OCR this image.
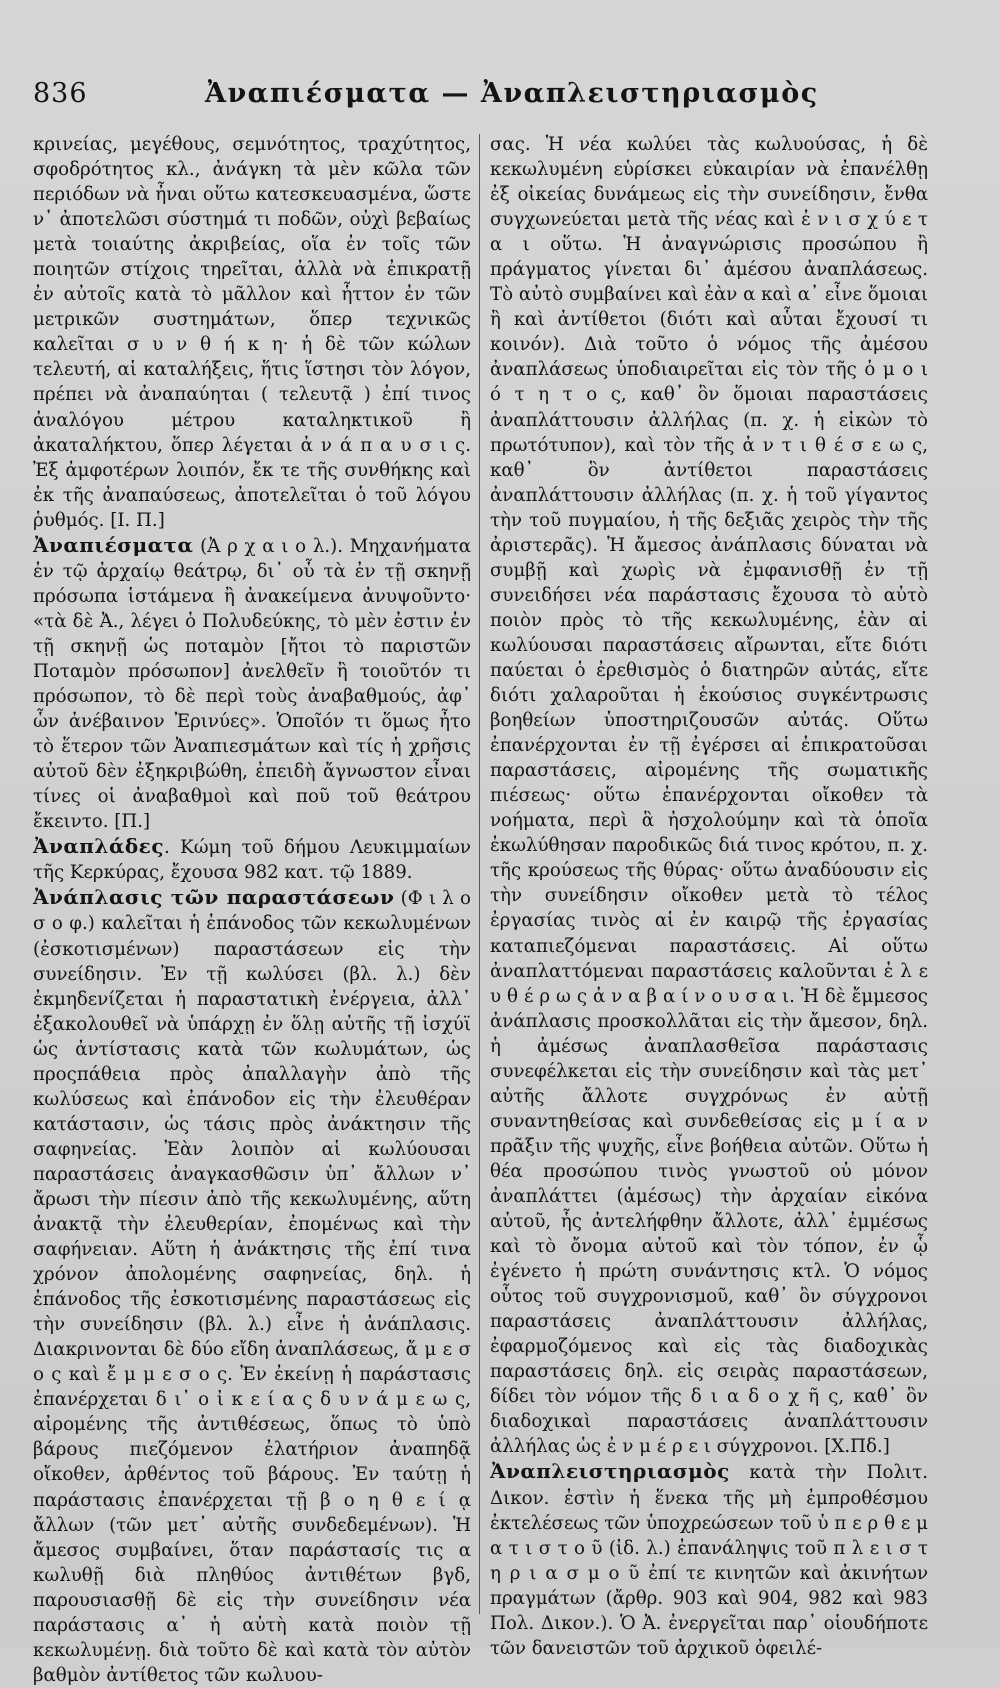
836	Ἀναπιέσματα — Ἀναπλειστηριασμὸς

κρινείας, μεγέθους, σεμνότητος, τραχύτητος, σφοδρότητος κλ., ἀνάγκη τὰ μὲν κῶλα τῶν περιόδων νὰ ἦναι οὕτω κατεσκευασμένα, ὥστε ν᾽ ἀποτελῶσι σύστημά τι ποδῶν, οὐχὶ βεβαίως μετὰ τοιαύτης ἀκριβείας, οἵα ἐν τοῖς τῶν ποιητῶν στίχοις τηρεῖται, ἀλλὰ νὰ ἐπικρατῇ ἐν αὐτοῖς κατὰ τὸ μᾶλλον καὶ ἧττον ἐν τῶν μετρικῶν συστημάτων, ὅπερ τεχνικῶς καλεῖται σ υ ν θ ή κ η· ἡ δὲ τῶν κώλων τελευτή, αἱ καταλήξεις, ἥτις ἵστησι τὸν λόγον, πρέπει νὰ ἀναπαύηται ( τελευτᾷ ) ἐπί τινος ἀναλόγου μέτρου καταληκτικοῦ ἢ ἀκαταλήκτου, ὅπερ λέγεται ἀ ν ά π α υ σ ι ς. Ἐξ ἀμφοτέρων λοιπόν, ἔκ τε τῆς συνθήκης καὶ ἐκ τῆς ἀναπαύσεως, ἀποτελεῖται ὁ τοῦ λόγου ῥυθμός. [Ι. Π.]

Ἀναπιέσματα (Ἀ ρ χ α ι ο λ.). Μηχανήματα ἐν τῷ ἀρχαίῳ θεάτρῳ, δι᾽ οὗ τὰ ἐν τῇ σκηνῇ πρόσωπα ἱστάμενα ἢ ἀνακείμενα ἀνυψοῦντο· «τὰ δὲ Ἀ., λέγει ὁ Πολυδεύκης, τὸ μὲν ἐστιν ἐν τῇ σκηνῇ ὡς ποταμὸν [ἤτοι τὸ παριστῶν Ποταμὸν πρόσωπον] ἀνελθεῖν ἢ τοιοῦτόν τι πρόσωπον, τὸ δὲ περὶ τοὺς ἀναβαθμούς, ἀφ᾽ ὧν ἀνέβαινον Ἐρινύες». Ὁποῖόν τι ὅμως ἦτο τὸ ἕτερον τῶν Ἀναπιεσμάτων καὶ τίς ἡ χρῆσις αὐτοῦ δὲν ἐξηκριβώθη, ἐπειδὴ ἄγνωστον εἶναι τίνες οἱ ἀναβαθμοὶ καὶ ποῦ τοῦ θεάτρου ἔκειντο. [Π.]

Ἀναπλάδες. Κώμη τοῦ δήμου Λευκιμμαίων τῆς Κερκύρας, ἔχουσα 982 κατ. τῷ 1889.

Ἀνάπλασις τῶν παραστάσεων (Φ ι λ ο σ ο φ.) καλεῖται ἡ ἐπάνοδος τῶν κεκωλυμένων (ἐσκοτισμένων) παραστάσεων εἰς τὴν συνείδησιν. Ἐν τῇ κωλύσει (βλ. λ.) δὲν ἐκμηδενίζεται ἡ παραστατικὴ ἐνέργεια, ἀλλ᾽ ἐξακολουθεῖ νὰ ὑπάρχῃ ἐν ὅλῃ αὐτῆς τῇ ἰσχύϊ ὡς ἀντίστασις κατὰ τῶν κωλυμάτων, ὡς προςπάθεια πρὸς ἀπαλλαγὴν ἀπὸ τῆς κωλύσεως καὶ ἐπάνοδον εἰς τὴν ἐλευθέραν κατάστασιν, ὡς τάσις πρὸς ἀνάκτησιν τῆς σαφηνείας. Ἐὰν λοιπὸν αἱ κωλύουσαι παραστάσεις ἀναγκασθῶσιν ὑπ᾽ ἄλλων ν᾽ ἄρωσι τὴν πίεσιν ἀπὸ τῆς κεκωλυμένης, αὕτη ἀνακτᾷ τὴν ἐλευθερίαν, ἐπομένως καὶ τὴν σαφήνειαν. Αὕτη ἡ ἀνάκτησις τῆς ἐπί τινα χρόνον ἀπολομένης σαφηνείας, δηλ. ἡ ἐπάνοδος τῆς ἐσκοτισμένης παραστάσεως εἰς τὴν συνείδησιν (βλ. λ.) εἶνε ἡ ἀνάπλασις. Διακρινονται δὲ δύο εἴδη ἀναπλάσεως, ἄ μ ε σ ο ς καὶ ἔ μ μ ε σ ο ς. Ἐν ἐκείνῃ ἡ παράστασις ἐπανέρχεται δ ι᾽ ο ἰ κ ε ί α ς δ υ ν ά μ ε ω ς, αἰρομένης τῆς ἀντιθέσεως, ὅπως τὸ ὑπὸ βάρους πιεζόμενον ἐλατήριον ἀναπηδᾷ οἴκοθεν, ἀρθέντος τοῦ βάρους. Ἐν ταύτῃ ἡ παράστασις ἐπανέρχεται τῇ β ο η θ ε ί ᾳ ἄλλων (τῶν μετ᾽ αὐτῆς συνδεδεμένων). Ἡ ἄμεσος συμβαίνει, ὅταν παράστασίς τις α κωλυθῇ διὰ πληθύος ἀντιθέτων βγδ, παρουσιασθῇ δὲ εἰς τὴν συνείδησιν νέα παράστασις α᾽ ἡ αὐτὴ κατὰ ποιὸν τῇ κεκωλυμένῃ. διὰ τοῦτο δὲ καὶ κατὰ τὸν αὐτὸν βαθμὸν ἀντίθετος τῶν κωλυου-

σας. Ἡ νέα κωλύει τὰς κωλυούσας, ἡ δὲ κεκωλυμένη εὑρίσκει εὐκαιρίαν νὰ ἐπανέλθῃ ἐξ οἰκείας δυνάμεως εἰς τὴν συνείδησιν, ἔνθα συγχωνεύεται μετὰ τῆς νέας καὶ ἐ ν ι σ χ ύ ε τ α ι οὕτω. Ἡ ἀναγνώρισις προσώπου ἢ πράγματος γίνεται δι᾽ ἀμέσου ἀναπλάσεως. Τὸ αὐτὸ συμβαίνει καὶ ἐὰν α καὶ α᾽ εἶνε ὅμοιαι ἢ καὶ ἀντίθετοι (διότι καὶ αὗται ἔχουσί τι κοινόν). Διὰ τοῦτο ὁ νόμος τῆς ἀμέσου ἀναπλάσεως ὑποδιαιρεῖται εἰς τὸν τῆς ὁ μ ο ι ό τ η τ ο ς, καθ᾽ ὃν ὅμοιαι παραστάσεις ἀναπλάττουσιν ἀλλήλας (π. χ. ἡ εἰκὼν τὸ πρωτότυπον), καὶ τὸν τῆς ἀ ν τ ι θ έ σ ε ω ς, καθ᾽ ὃν ἀντίθετοι παραστάσεις ἀναπλάττουσιν ἀλλήλας (π. χ. ἡ τοῦ γίγαντος τὴν τοῦ πυγμαίου, ἡ τῆς δεξιᾶς χειρὸς τὴν τῆς ἀριστερᾶς). Ἡ ἄμεσος ἀνάπλασις δύναται νὰ συμβῇ καὶ χωρὶς νὰ ἐμφανισθῇ ἐν τῇ συνειδήσει νέα παράστασις ἔχουσα τὸ αὐτὸ ποιὸν πρὸς τὸ τῆς κεκωλυμένης, ἐὰν αἱ κωλύουσαι παραστάσεις αἴρωνται, εἴτε διότι παύεται ὁ ἐρεθισμὸς ὁ διατηρῶν αὐτάς, εἴτε διότι χαλαροῦται ἡ ἑκούσιος συγκέντρωσις βοηθείων ὑποστηριζουσῶν αὐτάς. Οὕτω ἐπανέρχονται ἐν τῇ ἐγέρσει αἱ ἐπικρατοῦσαι παραστάσεις, αἰρομένης τῆς σωματικῆς πιέσεως· οὕτω ἐπανέρχονται οἴκοθεν τὰ νοήματα, περὶ ἃ ἠσχολούμην καὶ τὰ ὁποῖα ἐκωλύθησαν παροδικῶς διά τινος κρότου, π. χ. τῆς κρούσεως τῆς θύρας· οὕτω ἀναδύουσιν εἰς τὴν συνείδησιν οἴκοθεν μετὰ τὸ τέλος ἐργασίας τινὸς αἱ ἐν καιρῷ τῆς ἐργασίας καταπιεζόμεναι παραστάσεις. Αἱ οὕτω ἀναπλαττόμεναι παραστάσεις καλοῦνται ἐ λ ε υ θ έ ρ ω ς ἀ ν α β α ί ν ο υ σ α ι. Ἡ δὲ ἔμμεσος ἀνάπλασις προσκολλᾶται εἰς τὴν ἄμεσον, δηλ. ἡ ἀμέσως ἀναπλασθεῖσα παράστασις συνεφέλκεται εἰς τὴν συνείδησιν καὶ τὰς μετ᾽ αὐτῆς ἄλλοτε συγχρόνως ἐν αὐτῇ συναντηθείσας καὶ συνδεθείσας εἰς μ ί α ν πρᾶξιν τῆς ψυχῆς, εἶνε βοήθεια αὐτῶν. Οὕτω ἡ θέα προσώπου τινὸς γνωστοῦ οὐ μόνον ἀναπλάττει (ἀμέσως) τὴν ἀρχαίαν εἰκόνα αὐτοῦ, ἧς ἀντελήφθην ἄλλοτε, ἀλλ᾽ ἐμμέσως καὶ τὸ ὄνομα αὐτοῦ καὶ τὸν τόπον, ἐν ᾧ ἐγένετο ἡ πρώτη συνάντησις κτλ. Ὁ νόμος οὗτος τοῦ συγχρονισμοῦ, καθ᾽ ὃν σύγχρονοι παραστάσεις ἀναπλάττουσιν ἀλλήλας, ἐφαρμοζόμενος καὶ εἰς τὰς διαδοχικὰς παραστάσεις δηλ. εἰς σειρὰς παραστάσεων, δίδει τὸν νόμον τῆς δ ι α δ ο χ ῆ ς, καθ᾽ ὃν διαδοχικαὶ παραστάσεις ἀναπλάττουσιν ἀλλήλας ὡς ἐ ν μ έ ρ ε ι σύγχρονοι. [Χ.Πδ.]

Ἀναπλειστηριασμὸς κατὰ τὴν Πολιτ. Δικον. ἐστὶν ἡ ἕνεκα τῆς μὴ ἐμπροθέσμου ἐκτελέσεως τῶν ὑποχρεώσεων τοῦ ὑ π ε ρ θ ε μ α τ ι σ τ ο ῦ (ἰδ. λ.) ἐπανάληψις τοῦ π λ ε ι σ τ η ρ ι α σ μ ο ῦ ἐπί τε κινητῶν καὶ ἀκινήτων πραγμάτων (ἄρθρ. 903 καὶ 904, 982 καὶ 983 Πολ. Δικον.). Ὁ Ἀ. ἐνεργεῖται παρ᾽ οἱουδήποτε τῶν δανειστῶν τοῦ ἀρχικοῦ ὀφειλέ-
